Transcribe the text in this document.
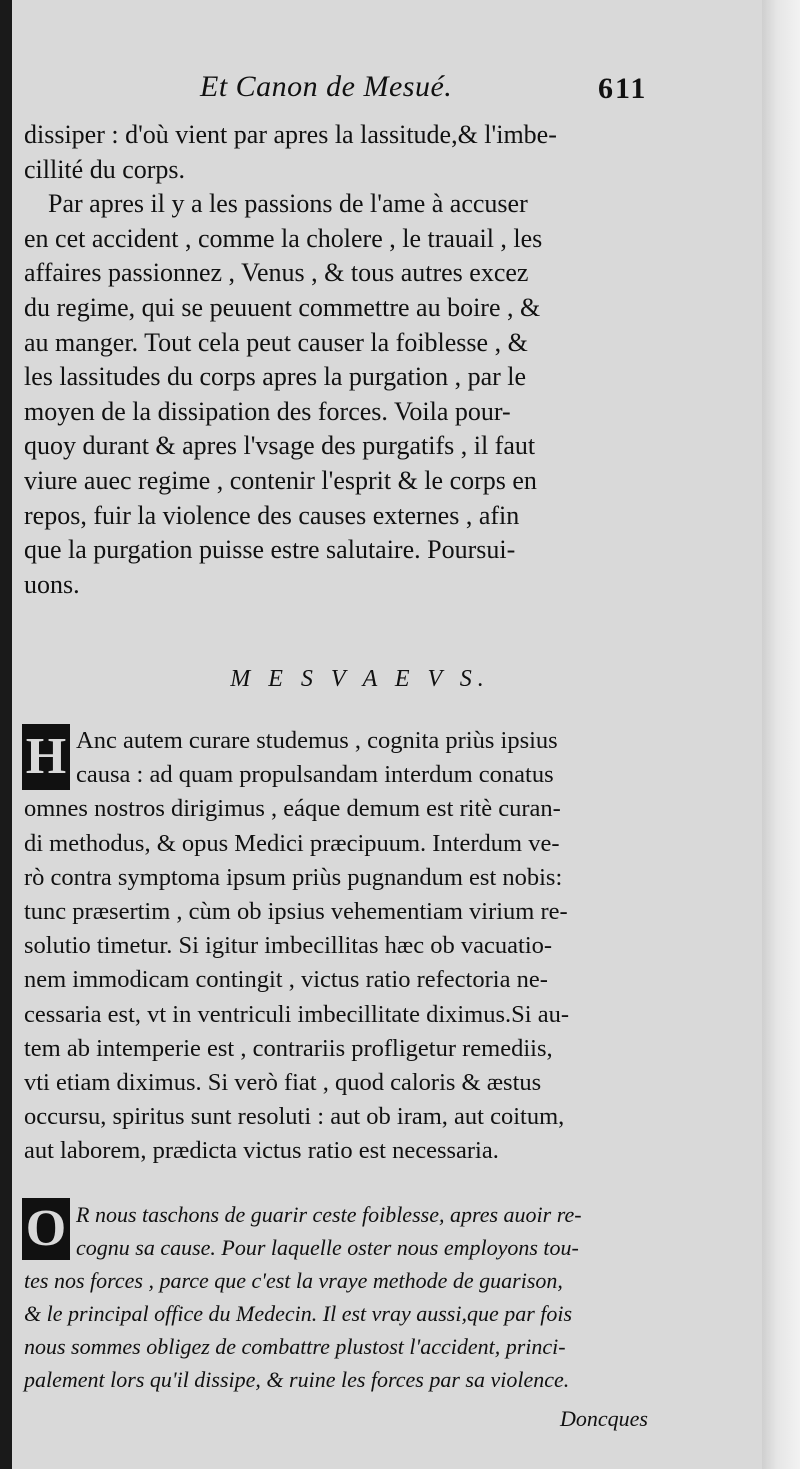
Et Canon de Mesué.	611
dissiper : d'où vient par apres la lassitude,& l'imbe-
cillité du corps.
Par apres il y a les passions de l'ame à accuser
en cet accident , comme la cholere , le trauail , les
affaires passionnez , Venus , & tous autres excez
du regime, qui se peuuent commettre au boire , &
au manger. Tout cela peut causer la foiblesse , &
les lassitudes du corps apres la purgation , par le
moyen de la dissipation des forces. Voila pour-
quoy durant & apres l'vsage des purgatifs , il faut
viure auec regime , contenir l'esprit & le corps en
repos, fuir la violence des causes externes , afin
que la purgation puisse estre salutaire. Poursui-
uons.
M E S V A E V S.
H Anc autem curare studemus , cognita priùs ipsius
causa : ad quam propulsandam interdum conatus
omnes nostros dirigimus , eáque demum est ritè curan-
di methodus, & opus Medici præcipuum. Interdum ve-
rò contra symptoma ipsum priùs pugnandum est nobis:
tunc præsertim , cùm ob ipsius vehementiam virium re-
solutio timetur. Si igitur imbecillitas hæc ob vacuatio-
nem immodicam contingit , victus ratio refectoria ne-
cessaria est, vt in ventriculi imbecillitate diximus.Si au-
tem ab intemperie est , contrariis profligetur remediis,
vti etiam diximus. Si verò fiat , quod caloris & æstus
occursu, spiritus sunt resoluti : aut ob iram, aut coitum,
aut laborem, prædicta victus ratio est necessaria.
O R nous taschons de guarir ceste foiblesse, apres auoir re-
cognu sa cause. Pour laquelle oster nous employons tou-
tes nos forces , parce que c'est la vraye methode de guarison,
& le principal office du Medecin. Il est vray aussi,que par fois
nous sommes obligez de combattre plustost l'accident, princi-
palement lors qu'il dissipe, & ruine les forces par sa violence.
Doncques
